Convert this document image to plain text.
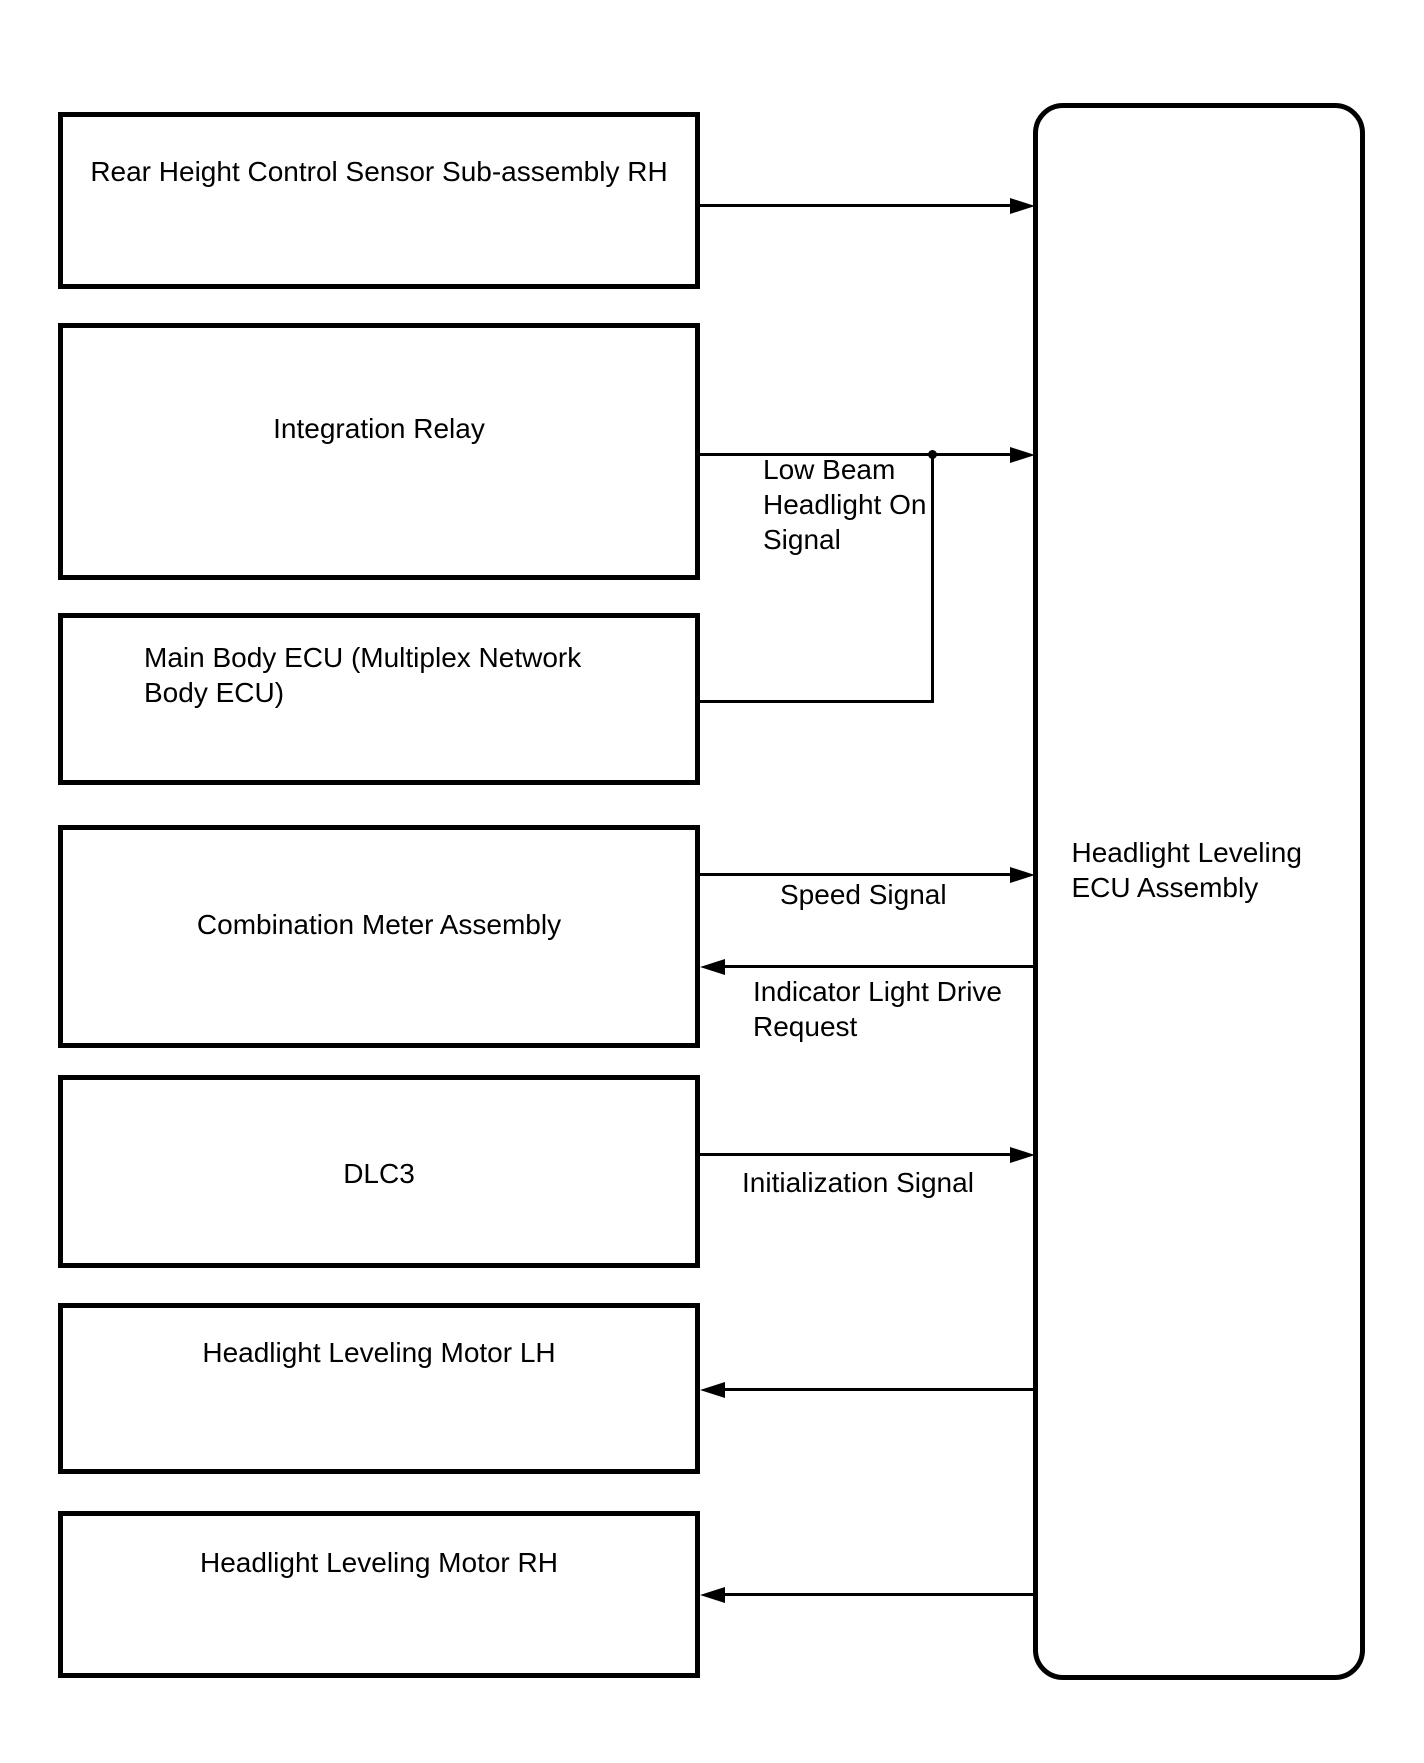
Rear Height Control Sensor Sub-assembly RH
Integration Relay
Main Body ECU (Multiplex Network Body ECU)
Combination Meter Assembly
DLC3
Headlight Leveling Motor LH
Headlight Leveling Motor RH
Headlight Leveling ECU Assembly
Low Beam Headlight On Signal
Speed Signal
Indicator Light Drive Request
Initialization Signal
